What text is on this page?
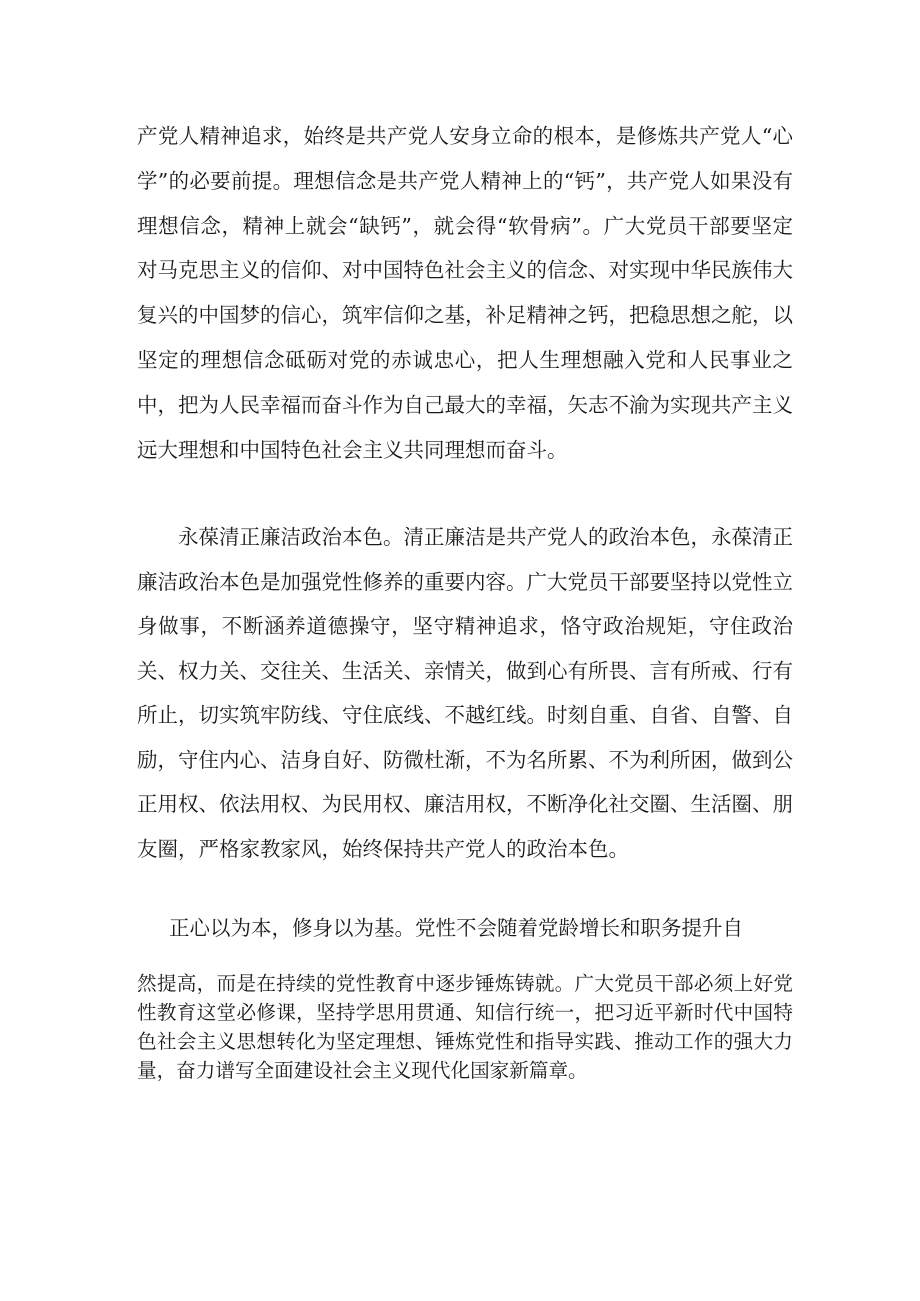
产党人精神追求，始终是共产党人安身立命的根本，是修炼共产党人“心学”的必要前提。理想信念是共产党人精神上的“钙”，共产党人如果没有理想信念，精神上就会“缺钙”，就会得“软骨病”。广大党员干部要坚定对马克思主义的信仰、对中国特色社会主义的信念、对实现中华民族伟大复兴的中国梦的信心，筑牢信仰之基，补足精神之钙，把稳思想之舵，以坚定的理想信念砥砺对党的赤诚忠心，把人生理想融入党和人民事业之中，把为人民幸福而奋斗作为自己最大的幸福，矢志不渝为实现共产主义远大理想和中国特色社会主义共同理想而奋斗。

永葆清正廉洁政治本色。清正廉洁是共产党人的政治本色，永葆清正廉洁政治本色是加强党性修养的重要内容。广大党员干部要坚持以党性立身做事，不断涵养道德操守，坚守精神追求，恪守政治规矩，守住政治关、权力关、交往关、生活关、亲情关，做到心有所畏、言有所戒、行有所止，切实筑牢防线、守住底线、不越红线。时刻自重、自省、自警、自励，守住内心、洁身自好、防微杜渐，不为名所累、不为利所困，做到公正用权、依法用权、为民用权、廉洁用权，不断净化社交圈、生活圈、朋友圈，严格家教家风，始终保持共产党人的政治本色。

正心以为本，修身以为基。党性不会随着党龄增长和职务提升自

然提高，而是在持续的党性教育中逐步锤炼铸就。广大党员干部必须上好党性教育这堂必修课，坚持学思用贯通、知信行统一，把习近平新时代中国特色社会主义思想转化为坚定理想、锤炼党性和指导实践、推动工作的强大力量，奋力谱写全面建设社会主义现代化国家新篇章。
